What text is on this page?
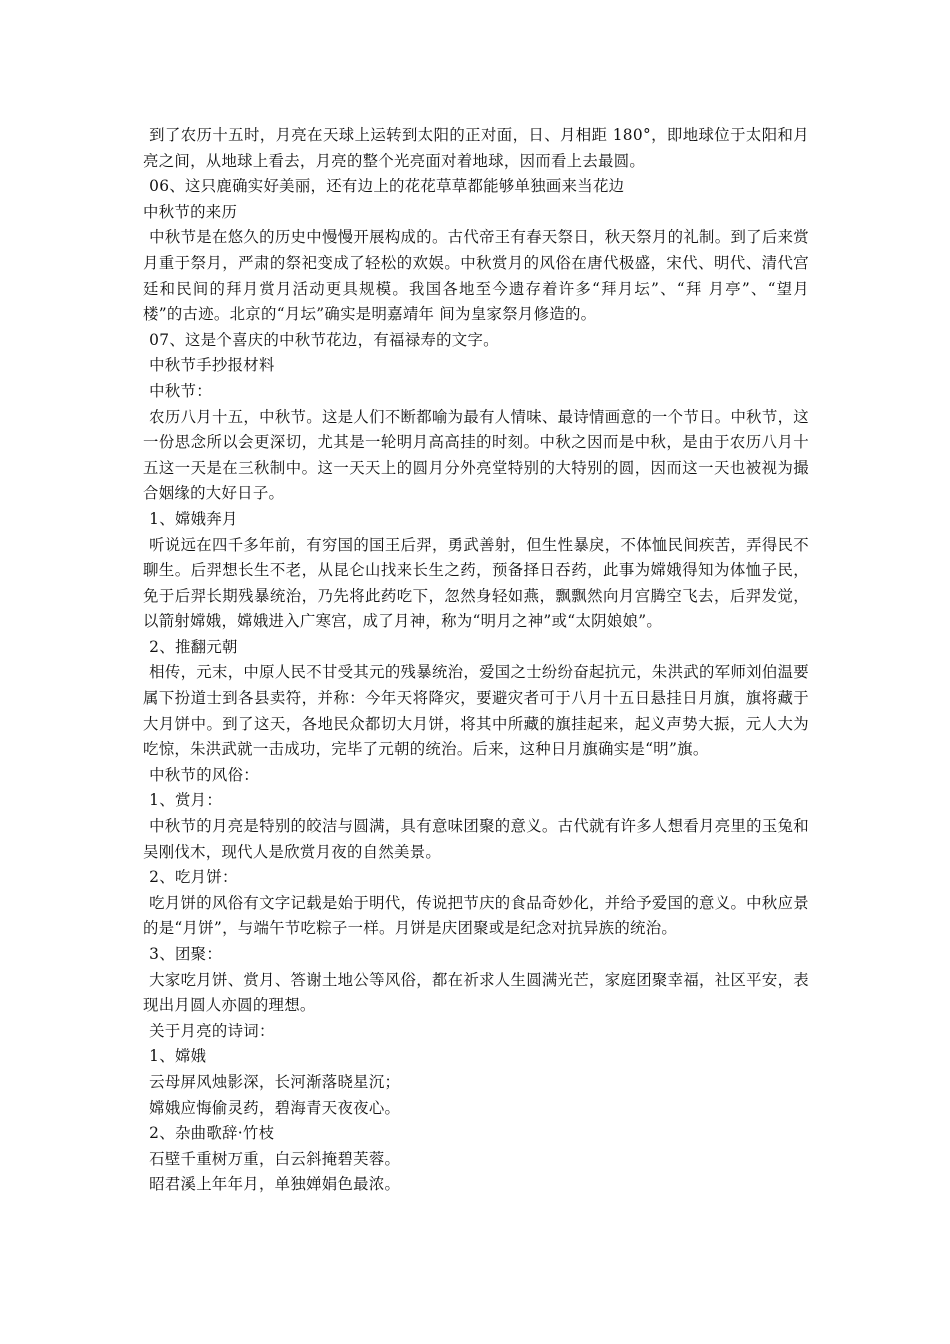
到了农历十五时，月亮在天球上运转到太阳的正对面，日、月相距 180°，即地球位于太阳和月亮之间，从地球上看去，月亮的整个光亮面对着地球，因而看上去最圆。

06、这只鹿确实好美丽，还有边上的花花草草都能够单独画来当花边

中秋节的来历

中秋节是在悠久的历史中慢慢开展构成的。古代帝王有春天祭日，秋天祭月的礼制。到了后来赏月重于祭月，严肃的祭祀变成了轻松的欢娱。中秋赏月的风俗在唐代极盛，宋代、明代、清代宫廷和民间的拜月赏月活动更具规模。我国各地至今遗存着许多“拜月坛”、“拜 月亭”、“望月楼”的古迹。北京的“月坛”确实是明嘉靖年 间为皇家祭月修造的。

07、这是个喜庆的中秋节花边，有福禄寿的文字。

中秋节手抄报材料

中秋节：

农历八月十五，中秋节。这是人们不断都喻为最有人情味、最诗情画意的一个节日。中秋节，这一份思念所以会更深切，尤其是一轮明月高高挂的时刻。中秋之因而是中秋，是由于农历八月十五这一天是在三秋制中。这一天天上的圆月分外亮堂特别的大特别的圆，因而这一天也被视为撮合姻缘的大好日子。

1、嫦娥奔月

听说远在四千多年前，有穷国的国王后羿，勇武善射，但生性暴戾，不体恤民间疾苦，弄得民不聊生。后羿想长生不老，从昆仑山找来长生之药，预备择日吞药，此事为嫦娥得知为体恤子民，免于后羿长期残暴统治，乃先将此药吃下，忽然身轻如燕，飘飘然向月宫腾空飞去，后羿发觉，以箭射嫦娥，嫦娥进入广寒宫，成了月神，称为“明月之神”或“太阴娘娘”。

2、推翻元朝

相传，元末，中原人民不甘受其元的残暴统治，爱国之士纷纷奋起抗元，朱洪武的军师刘伯温要属下扮道士到各县卖符，并称：今年天将降灾，要避灾者可于八月十五日悬挂日月旗，旗将藏于大月饼中。到了这天，各地民众都切大月饼，将其中所藏的旗挂起来，起义声势大振，元人大为吃惊，朱洪武就一击成功，完毕了元朝的统治。后来，这种日月旗确实是“明”旗。

中秋节的风俗：

1、赏月：

中秋节的月亮是特别的皎洁与圆满，具有意味团聚的意义。古代就有许多人想看月亮里的玉兔和吴刚伐木，现代人是欣赏月夜的自然美景。

2、吃月饼：

吃月饼的风俗有文字记载是始于明代，传说把节庆的食品奇妙化，并给予爱国的意义。中秋应景的是“月饼”，与端午节吃粽子一样。月饼是庆团聚或是纪念对抗异族的统治。

3、团聚：

大家吃月饼、赏月、答谢土地公等风俗，都在祈求人生圆满光芒，家庭团聚幸福，社区平安，表现出月圆人亦圆的理想。

关于月亮的诗词：

1、嫦娥

云母屏风烛影深，长河渐落晓星沉；

嫦娥应悔偷灵药，碧海青天夜夜心。

2、杂曲歌辞·竹枝

石壁千重树万重，白云斜掩碧芙蓉。

昭君溪上年年月，单独婵娟色最浓。
